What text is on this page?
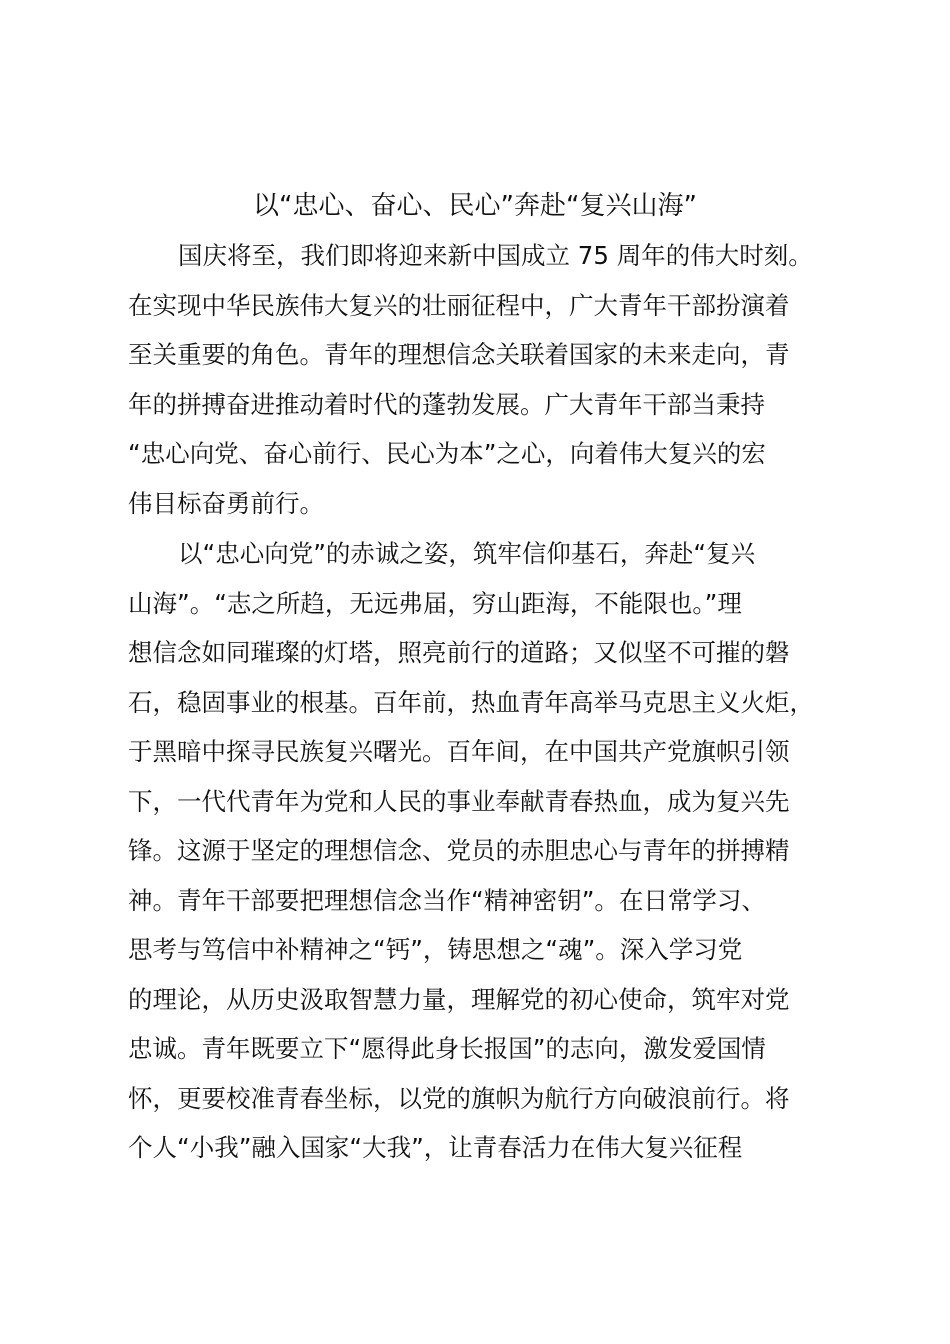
以“忠心、奋心、民心”奔赴“复兴山海”
国庆将至，我们即将迎来新中国成立 75 周年的伟大时刻。
在实现中华民族伟大复兴的壮丽征程中，广大青年干部扮演着
至关重要的角色。青年的理想信念关联着国家的未来走向，青
年的拼搏奋进推动着时代的蓬勃发展。广大青年干部当秉持
“忠心向党、奋心前行、民心为本”之心，向着伟大复兴的宏
伟目标奋勇前行。
以“忠心向党”的赤诚之姿，筑牢信仰基石，奔赴“复兴
山海”。“志之所趋，无远弗届，穷山距海，不能限也。”理
想信念如同璀璨的灯塔，照亮前行的道路；又似坚不可摧的磐
石，稳固事业的根基。百年前，热血青年高举马克思主义火炬，
于黑暗中探寻民族复兴曙光。百年间，在中国共产党旗帜引领
下，一代代青年为党和人民的事业奉献青春热血，成为复兴先
锋。这源于坚定的理想信念、党员的赤胆忠心与青年的拼搏精
神。青年干部要把理想信念当作“精神密钥”。在日常学习、
思考与笃信中补精神之“钙”，铸思想之“魂”。深入学习党
的理论，从历史汲取智慧力量，理解党的初心使命，筑牢对党
忠诚。青年既要立下“愿得此身长报国”的志向，激发爱国情
怀，更要校准青春坐标，以党的旗帜为航行方向破浪前行。将
个人“小我”融入国家“大我”，让青春活力在伟大复兴征程
